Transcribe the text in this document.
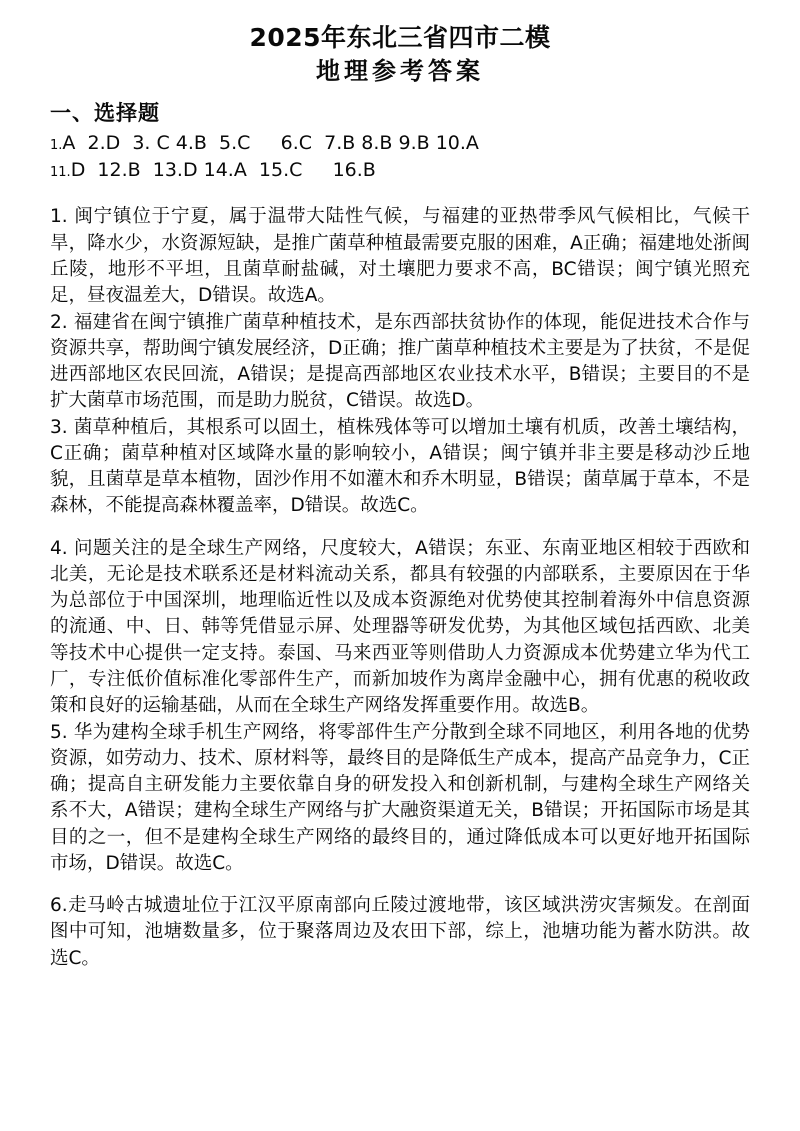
2025年东北三省四市二模
地理参考答案
一、选择题
1.A  2.D  3. C 4.B  5.C     6.C  7.B 8.B 9.B 10.A
11.D  12.B  13.D 14.A  15.C     16.B

1. 闽宁镇位于宁夏，属于温带大陆性气候，与福建的亚热带季风气候相比，气候干旱，降水少，水资源短缺，是推广菌草种植最需要克服的困难，A正确；福建地处浙闽丘陵，地形不平坦，且菌草耐盐碱，对土壤肥力要求不高，BC错误；闽宁镇光照充足，昼夜温差大，D错误。故选A。

2. 福建省在闽宁镇推广菌草种植技术，是东西部扶贫协作的体现，能促进技术合作与资源共享，帮助闽宁镇发展经济，D正确；推广菌草种植技术主要是为了扶贫，不是促进西部地区农民回流，A错误；是提高西部地区农业技术水平，B错误；主要目的不是扩大菌草市场范围，而是助力脱贫，C错误。故选D。

3. 菌草种植后，其根系可以固土，植株残体等可以增加土壤有机质，改善土壤结构，C正确；菌草种植对区域降水量的影响较小，A错误；闽宁镇并非主要是移动沙丘地貌，且菌草是草本植物，固沙作用不如灌木和乔木明显，B错误；菌草属于草本，不是森林，不能提高森林覆盖率，D错误。故选C。

4. 问题关注的是全球生产网络，尺度较大，A错误；东亚、东南亚地区相较于西欧和北美，无论是技术联系还是材料流动关系，都具有较强的内部联系，主要原因在于华为总部位于中国深圳，地理临近性以及成本资源绝对优势使其控制着海外中信息资源的流通、中、日、韩等凭借显示屏、处理器等研发优势，为其他区域包括西欧、北美等技术中心提供一定支持。泰国、马来西亚等则借助人力资源成本优势建立华为代工厂，专注低价值标准化零部件生产，而新加坡作为离岸金融中心，拥有优惠的税收政策和良好的运输基础，从而在全球生产网络发挥重要作用。故选B。

5. 华为建构全球手机生产网络，将零部件生产分散到全球不同地区，利用各地的优势资源，如劳动力、技术、原材料等，最终目的是降低生产成本，提高产品竞争力，C正确；提高自主研发能力主要依靠自身的研发投入和创新机制，与建构全球生产网络关系不大，A错误；建构全球生产网络与扩大融资渠道无关，B错误；开拓国际市场是其目的之一，但不是建构全球生产网络的最终目的，通过降低成本可以更好地开拓国际市场，D错误。故选C。

6.走马岭古城遗址位于江汉平原南部向丘陵过渡地带，该区域洪涝灾害频发。在剖面图中可知，池塘数量多，位于聚落周边及农田下部，综上，池塘功能为蓄水防洪。故选C。
